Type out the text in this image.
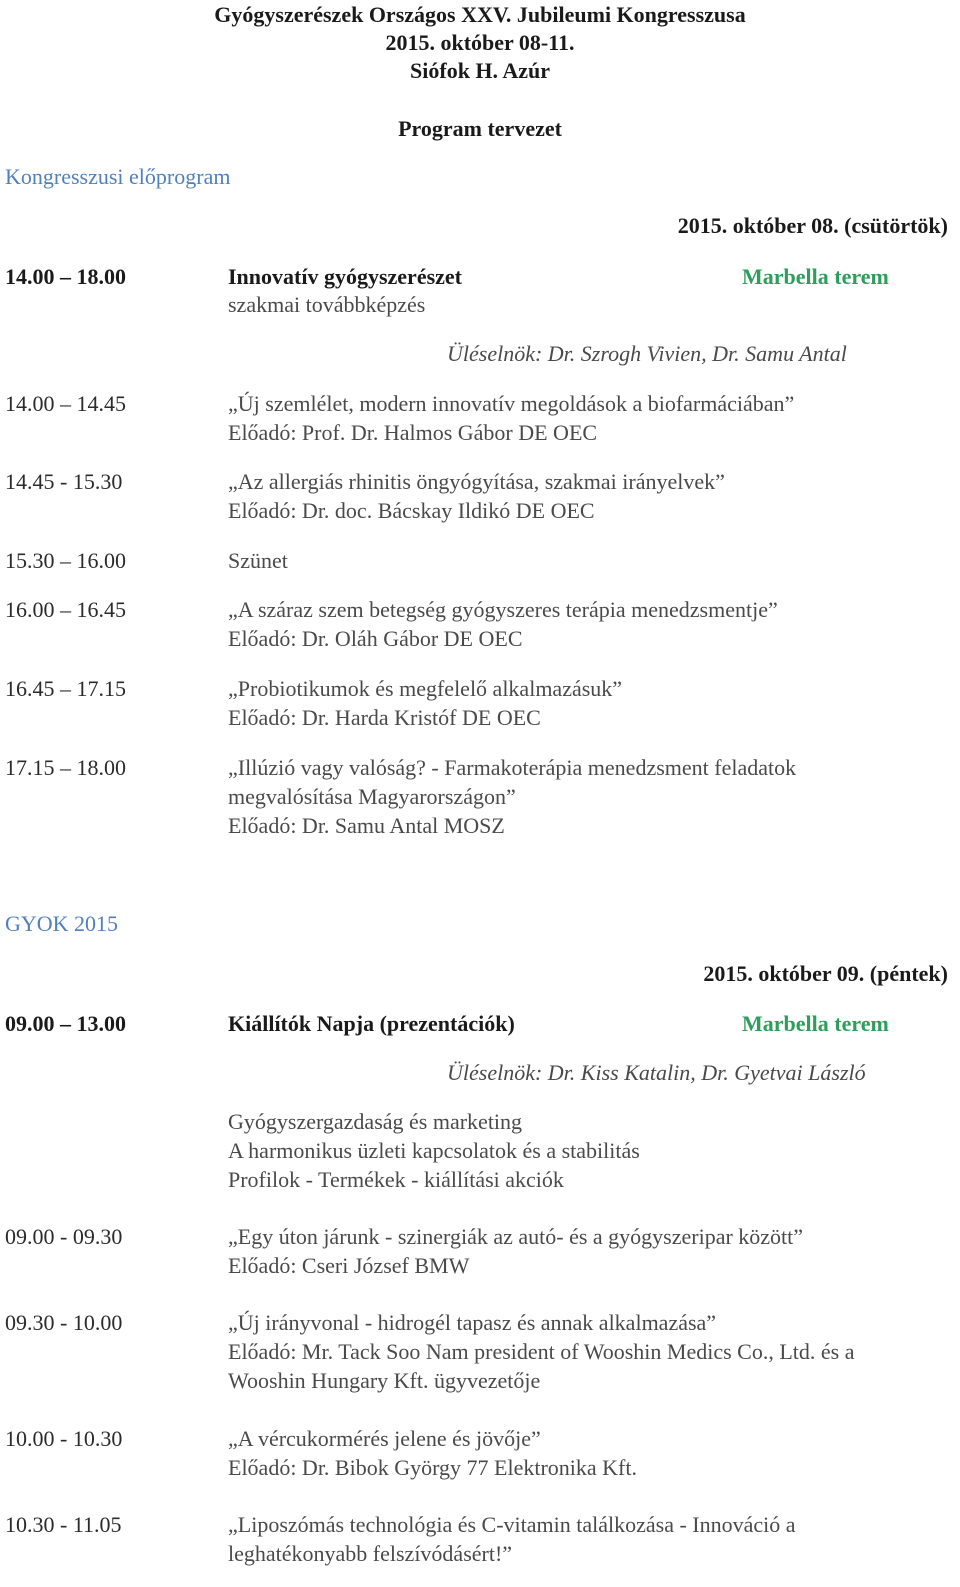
Gyógyszerészek Országos XXV. Jubileumi Kongresszusa
2015. október 08-11.
Siófok H. Azúr
Program tervezet
Kongresszusi előprogram
2015. október 08. (csütörtök)
14.00 – 18.00	Innovatív gyógyszerészet	Marbella terem
szakmai továbbképzés
Üléselnök: Dr. Szrogh Vivien, Dr. Samu Antal
14.00 – 14.45	„Új szemlélet, modern innovatív megoldások a biofarmáciában”
Előadó: Prof. Dr. Halmos Gábor DE OEC
14.45 - 15.30	„Az allergiás rhinitis öngyógyítása, szakmai irányelvek”
Előadó: Dr. doc. Bácskay Ildikó DE OEC
15.30 – 16.00	Szünet
16.00 – 16.45	„A száraz szem betegség gyógyszeres terápia menedzsmentje”
Előadó: Dr. Oláh Gábor DE OEC
16.45 – 17.15	„Probiotikumok és megfelelő alkalmazásuk”
Előadó: Dr. Harda Kristóf DE OEC
17.15 – 18.00	„Illúzió vagy valóság? - Farmakoterápia menedzsment feladatok
megvalósítása Magyarországon”
Előadó: Dr. Samu Antal MOSZ
GYOK 2015
2015. október 09. (péntek)
09.00 – 13.00	Kiállítók Napja (prezentációk)	Marbella terem
Üléselnök: Dr. Kiss Katalin, Dr. Gyetvai László
Gyógyszergazdaság és marketing
A harmonikus üzleti kapcsolatok és a stabilitás
Profilok - Termékek - kiállítási akciók
09.00 - 09.30	„Egy úton járunk - szinergiák az autó- és a gyógyszeripar között”
Előadó: Cseri József BMW
09.30 - 10.00	„Új irányvonal - hidrogél tapasz és annak alkalmazása”
Előadó: Mr. Tack Soo Nam president of Wooshin Medics Co., Ltd. és a
Wooshin Hungary Kft. ügyvezetője
10.00 - 10.30	„A vércukormérés jelene és jövője”
Előadó: Dr. Bibok György 77 Elektronika Kft.
10.30 - 11.05	„Liposzómás technológia és C-vitamin találkozása - Innováció a
leghatékonyabb felszívódásért!”
